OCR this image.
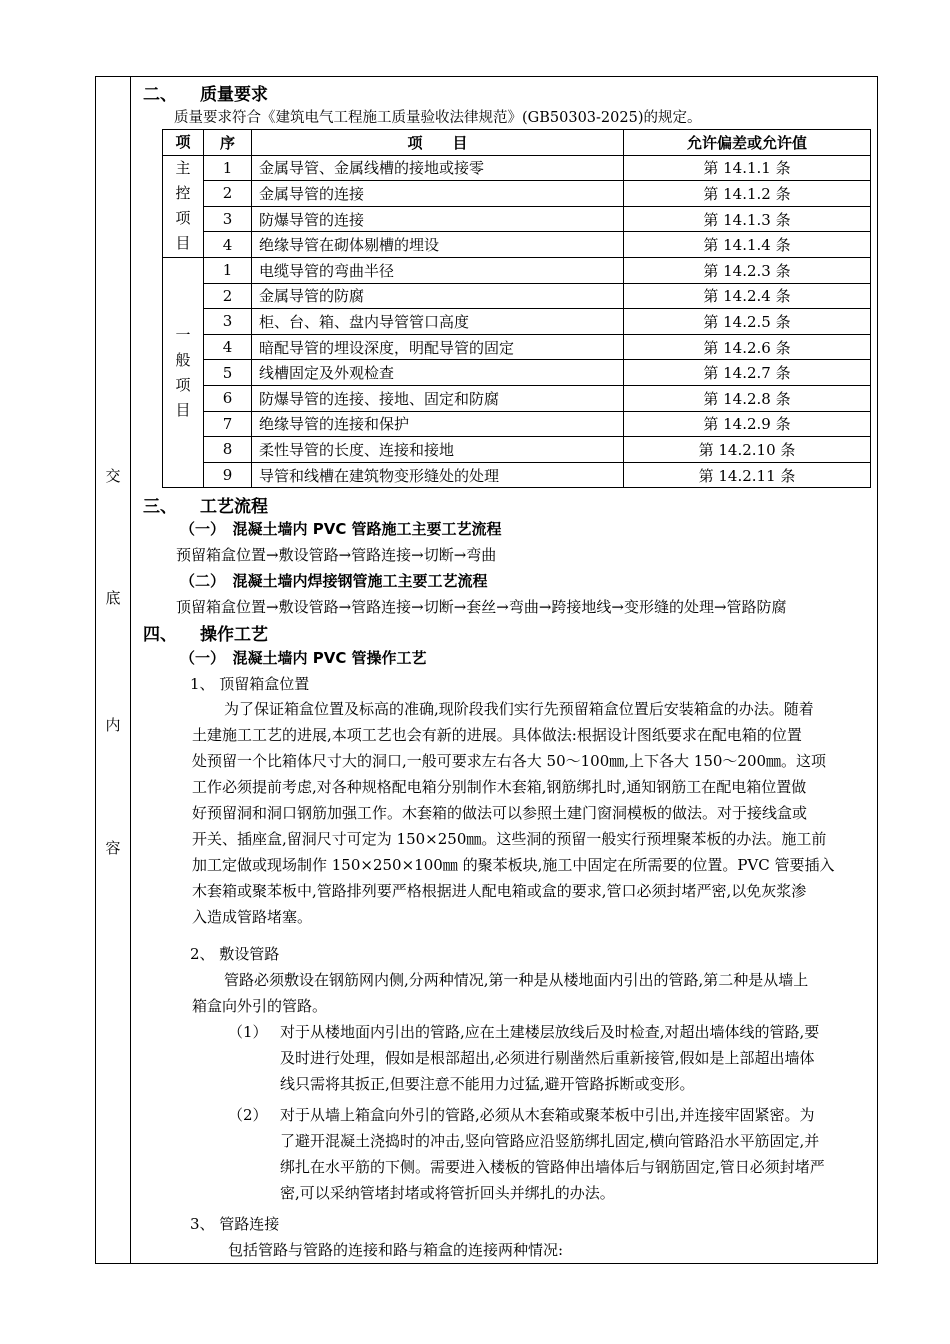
交
底
内
容
二、 质量要求
质量要求符合《建筑电气工程施工质量验收法律规范》(GB50303-2025)的规定。
项	序	项　　目	允许偏差或允许值

主控项目	1	金属导管、金属线槽的接地或接零	第 14.1.1 条
	2	金属导管的连接	第 14.1.2 条
	3	防爆导管的连接	第 14.1.3 条
	4	绝缘导管在砌体剔槽的埋设	第 14.1.4 条

一般项目	1	电缆导管的弯曲半径	第 14.2.3 条
	2	金属导管的防腐	第 14.2.4 条
	3	柜、台、箱、盘内导管管口高度	第 14.2.5 条
	4	暗配导管的埋设深度，明配导管的固定	第 14.2.6 条
	5	线槽固定及外观检查	第 14.2.7 条
	6	防爆导管的连接、接地、固定和防腐	第 14.2.8 条
	7	绝缘导管的连接和保护	第 14.2.9 条
	8	柔性导管的长度、连接和接地	第 14.2.10 条
	9	导管和线槽在建筑物变形缝处的处理	第 14.2.11 条
三、 工艺流程
（一）　混凝土墙内 PVC 管路施工主要工艺流程
预留箱盒位置→敷设管路→管路连接→切断→弯曲
（二）　混凝土墙内焊接钢管施工主要工艺流程
顶留箱盒位置→敷设管路→管路连接→切断→套丝→弯曲→跨接地线→变形缝的处理→管路防腐
四、 操作工艺
（一）　混凝土墙内 PVC 管操作工艺
1、 顶留箱盒位置
为了保证箱盒位置及标高的准确,现阶段我们实行先预留箱盒位置后安装箱盒的办法。随着
土建施工工艺的进展,本项工艺也会有新的进展。具体做法:根据设计图纸要求在配电箱的位置
处预留一个比箱体尺寸大的洞口,一般可要求左右各大 50～100㎜,上下各大 150～200㎜。这项
工作必须提前考虑,对各种规格配电箱分别制作木套箱,钢筋绑扎时,通知钢筋工在配电箱位置做
好预留洞和洞口钢筋加强工作。木套箱的做法可以参照土建门窗洞模板的做法。对于接线盒或
开关、插座盒,留洞尺寸可定为 150×250㎜。这些洞的预留一般实行预埋聚苯板的办法。施工前
加工定做或现场制作 150×250×100㎜ 的聚苯板块,施工中固定在所需要的位置。PVC 管要插入
木套箱或聚苯板中,管路排列要严格根据进人配电箱或盒的要求,管口必须封堵严密,以免灰浆渗
入造成管路堵塞。
2、 敷设管路
管路必须敷设在钢筋网内侧,分两种情况,第一种是从楼地面内引出的管路,第二种是从墙上
箱盒向外引的管路。
（1） 对于从楼地面内引出的管路,应在土建楼层放线后及时检查,对超出墙体线的管路,要
及时进行处理，假如是根部超出,必须进行剔凿然后重新接管,假如是上部超出墙体
线只需将其扳正,但要注意不能用力过猛,避开管路拆断或变形。
（2） 对于从墙上箱盒向外引的管路,必须从木套箱或聚苯板中引出,并连接牢固紧密。为
了避开混凝土浇捣时的冲击,竖向管路应沿竖筋绑扎固定,横向管路沿水平筋固定,并
绑扎在水平筋的下侧。需要进入楼板的管路伸出墙体后与钢筋固定,管日必须封堵严
密,可以采纳管堵封堵或将管折回头并绑扎的办法。
3、 管路连接
包括管路与管路的连接和路与箱盒的连接两种情况:
